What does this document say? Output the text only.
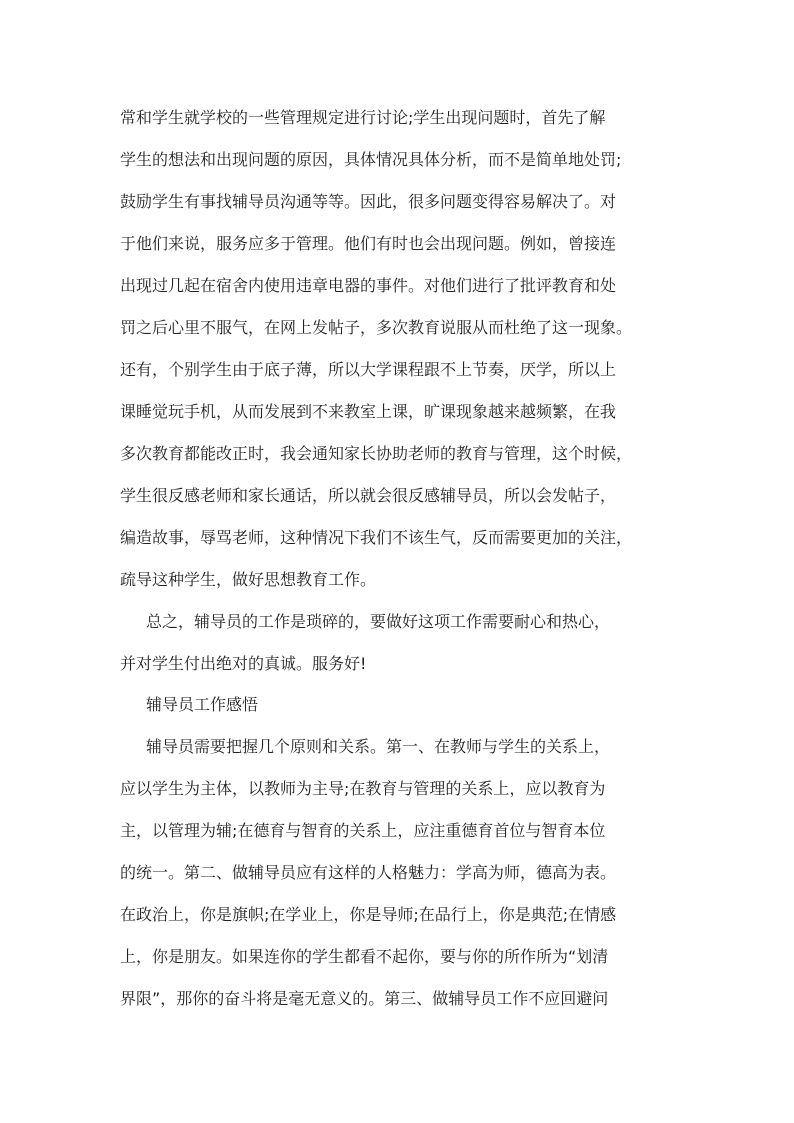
常和学生就学校的一些管理规定进行讨论;学生出现问题时，首先了解
学生的想法和出现问题的原因，具体情况具体分析，而不是简单地处罚;
鼓励学生有事找辅导员沟通等等。因此，很多问题变得容易解决了。对
于他们来说，服务应多于管理。他们有时也会出现问题。例如，曾接连
出现过几起在宿舍内使用违章电器的事件。对他们进行了批评教育和处
罚之后心里不服气，在网上发帖子，多次教育说服从而杜绝了这一现象。
还有，个别学生由于底子薄，所以大学课程跟不上节奏，厌学，所以上
课睡觉玩手机，从而发展到不来教室上课，旷课现象越来越频繁，在我
多次教育都能改正时，我会通知家长协助老师的教育与管理，这个时候，
学生很反感老师和家长通话，所以就会很反感辅导员，所以会发帖子，
编造故事，辱骂老师，这种情况下我们不该生气，反而需要更加的关注，
疏导这种学生，做好思想教育工作。
总之，辅导员的工作是琐碎的，要做好这项工作需要耐心和热心，
并对学生付出绝对的真诚。服务好!
辅导员工作感悟
辅导员需要把握几个原则和关系。第一、在教师与学生的关系上，
应以学生为主体，以教师为主导;在教育与管理的关系上，应以教育为
主，以管理为辅;在德育与智育的关系上，应注重德育首位与智育本位
的统一。第二、做辅导员应有这样的人格魅力：学高为师，德高为表。
在政治上，你是旗帜;在学业上，你是导师;在品行上，你是典范;在情感
上，你是朋友。如果连你的学生都看不起你，要与你的所作所为“划清
界限”，那你的奋斗将是毫无意义的。第三、做辅导员工作不应回避问
